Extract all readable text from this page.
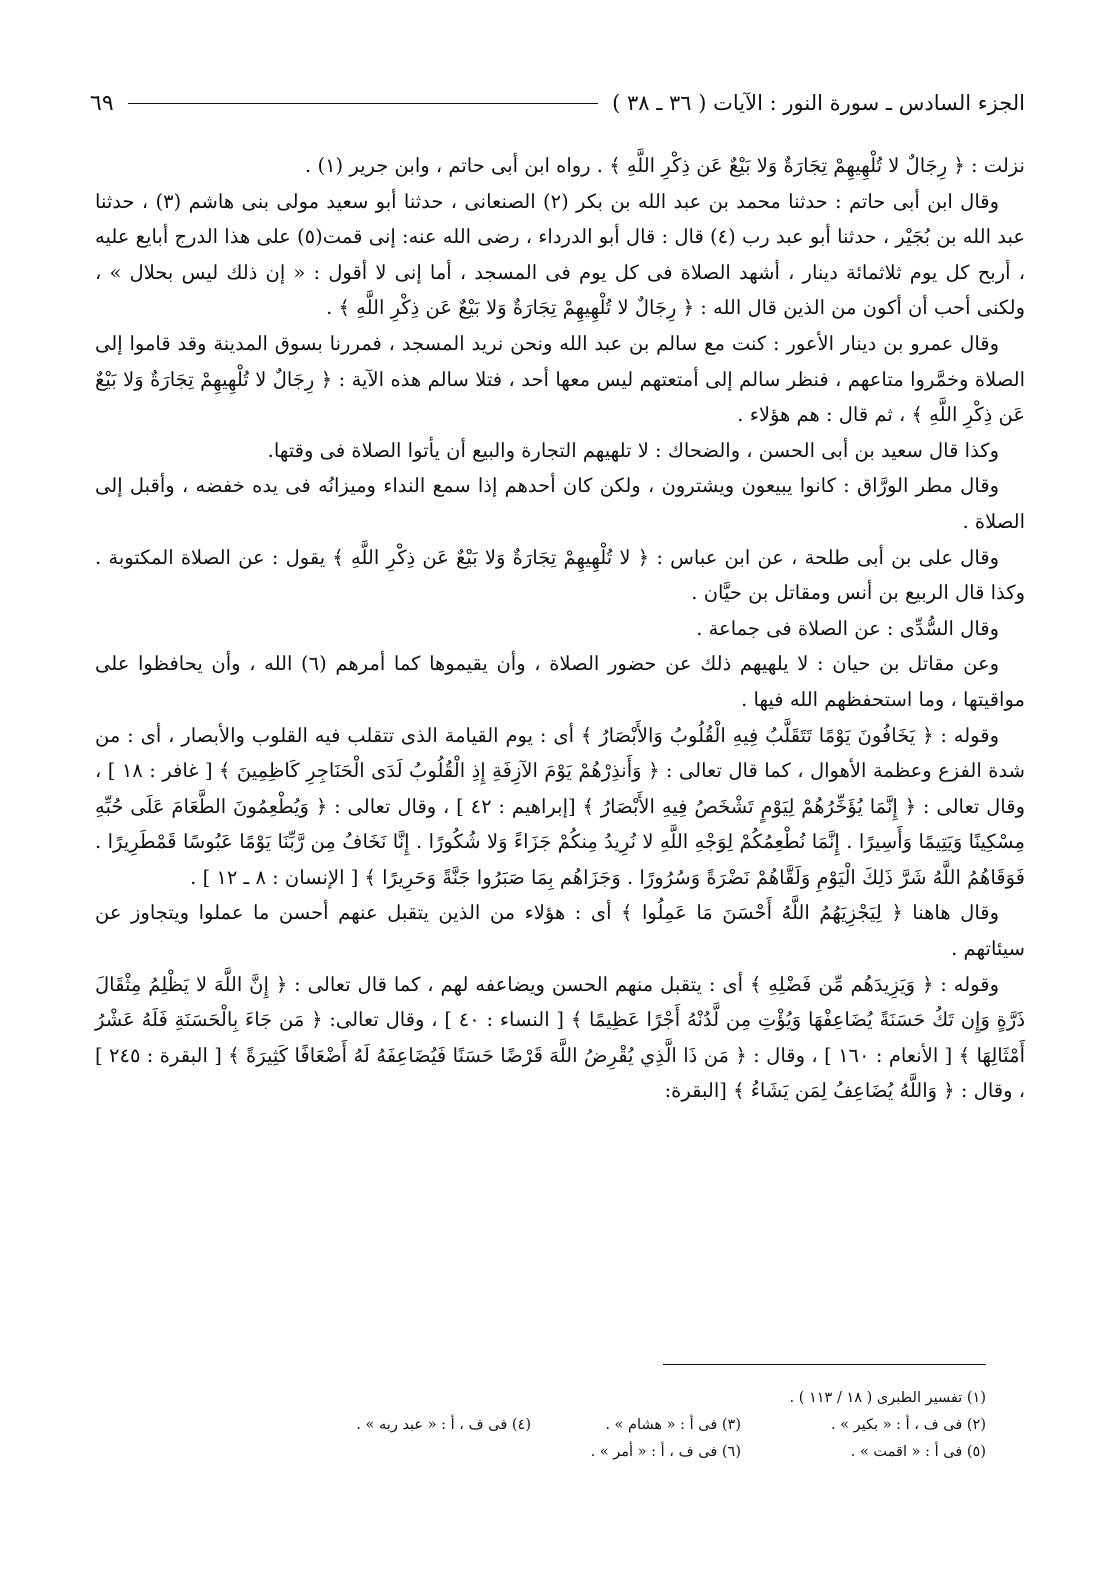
الجزء السادس ـ سورة النور : الآيات ( ٣٦ ـ ٣٨ )
٦٩

نزلت : ﴿ رِجَالٌ لا تُلْهِيهِمْ تِجَارَةٌ وَلا بَيْعٌ عَن ذِكْرِ اللَّهِ ﴾ . رواه ابن أبى حاتم ، وابن جرير (١) .

وقال ابن أبى حاتم : حدثنا محمد بن عبد الله بن بكر (٢) الصنعانى ، حدثنا أبو سعيد مولى بنى هاشم (٣) ، حدثنا عبد الله بن بُجَيْر ، حدثنا أبو عبد رب (٤) قال : قال أبو الدرداء ، رضى الله عنه: إنى قمت(٥) على هذا الدرج أبايع عليه ، أربح كل يوم ثلاثمائة دينار ، أشهد الصلاة فى كل يوم فى المسجد ، أما إنى لا أقول : « إن ذلك ليس بحلال » ، ولكنى أحب أن أكون من الذين قال الله : ﴿ رِجَالٌ لا تُلْهِيهِمْ تِجَارَةٌ وَلا بَيْعٌ عَن ذِكْرِ اللَّهِ ﴾ .

وقال عمرو بن دينار الأعور : كنت مع سالم بن عبد الله ونحن نريد المسجد ، فمررنا بسوق المدينة وقد قاموا إلى الصلاة وخمَّروا متاعهم ، فنظر سالم إلى أمتعتهم ليس معها أحد ، فتلا سالم هذه الآية : ﴿ رِجَالٌ لا تُلْهِيهِمْ تِجَارَةٌ وَلا بَيْعٌ عَن ذِكْرِ اللَّهِ ﴾ ، ثم قال : هم هؤلاء .

وكذا قال سعيد بن أبى الحسن ، والضحاك : لا تلهيهم التجارة والبيع أن يأتوا الصلاة فى وقتها.

وقال مطر الورَّاق : كانوا يبيعون ويشترون ، ولكن كان أحدهم إذا سمع النداء وميزانُه فى يده خفضه ، وأقبل إلى الصلاة .

وقال على بن أبى طلحة ، عن ابن عباس : ﴿ لا تُلْهِيهِمْ تِجَارَةٌ وَلا بَيْعٌ عَن ذِكْرِ اللَّهِ ﴾ يقول : عن الصلاة المكتوبة . وكذا قال الربيع بن أنس ومقاتل بن حيَّان .

وقال السُّدِّى : عن الصلاة فى جماعة .

وعن مقاتل بن حيان : لا يلهيهم ذلك عن حضور الصلاة ، وأن يقيموها كما أمرهم (٦) الله ، وأن يحافظوا على مواقيتها ، وما استحفظهم الله فيها .

وقوله : ﴿ يَخَافُونَ يَوْمًا تَتَقَلَّبُ فِيهِ الْقُلُوبُ وَالأَبْصَارُ ﴾ أى : يوم القيامة الذى تتقلب فيه القلوب والأبصار ، أى : من شدة الفزع وعظمة الأهوال ، كما قال تعالى : ﴿ وَأَنذِرْهُمْ يَوْمَ الآزِفَةِ إِذِ الْقُلُوبُ لَدَى الْحَنَاجِرِ كَاظِمِينَ ﴾ [ غافر : ١٨ ] ، وقال تعالى : ﴿ إِنَّمَا يُؤَخِّرُهُمْ لِيَوْمٍ تَشْخَصُ فِيهِ الأَبْصَارُ ﴾ [إبراهيم : ٤٢ ] ، وقال تعالى : ﴿ وَيُطْعِمُونَ الطَّعَامَ عَلَى حُبِّهِ مِسْكِينًا وَيَتِيمًا وَأَسِيرًا . إِنَّمَا نُطْعِمُكُمْ لِوَجْهِ اللَّهِ لا نُرِيدُ مِنكُمْ جَزَاءً وَلا شُكُورًا . إِنَّا نَخَافُ مِن رَّبِّنَا يَوْمًا عَبُوسًا قَمْطَرِيرًا . فَوَقَاهُمُ اللَّهُ شَرَّ ذَلِكَ الْيَوْمِ وَلَقَّاهُمْ نَضْرَةً وَسُرُورًا . وَجَزَاهُم بِمَا صَبَرُوا جَنَّةً وَحَرِيرًا ﴾ [ الإنسان : ٨ ـ ١٢ ] .

وقال هاهنا ﴿ لِيَجْزِيَهُمُ اللَّهُ أَحْسَنَ مَا عَمِلُوا ﴾ أى : هؤلاء من الذين يتقبل عنهم أحسن ما عملوا ويتجاوز عن سيئاتهم .

وقوله : ﴿ وَيَزِيدَهُم مِّن فَضْلِهِ ﴾ أى : يتقبل منهم الحسن ويضاعفه لهم ، كما قال تعالى : ﴿ إِنَّ اللَّهَ لا يَظْلِمُ مِثْقَالَ ذَرَّةٍ وَإِن تَكُ حَسَنَةً يُضَاعِفْهَا وَيُؤْتِ مِن لَّدُنْهُ أَجْرًا عَظِيمًا ﴾ [ النساء : ٤٠ ] ، وقال تعالى: ﴿ مَن جَاءَ بِالْحَسَنَةِ فَلَهُ عَشْرُ أَمْثَالِهَا ﴾ [ الأنعام : ١٦٠ ] ، وقال : ﴿ مَن ذَا الَّذِي يُقْرِضُ اللَّهَ قَرْضًا حَسَنًا فَيُضَاعِفَهُ لَهُ أَضْعَافًا كَثِيرَةً ﴾ [ البقرة : ٢٤٥ ] ، وقال : ﴿ وَاللَّهُ يُضَاعِفُ لِمَن يَشَاءُ ﴾ [البقرة:

(١) تفسير الطبرى ( ١٨ / ١١٣ ) .
(٢) فى ف ، أ : « بكير » .
(٣) فى أ : « هشام » .
(٤) فى ف ، أ : « عبد ربه » .
(٥) فى أ : « اقمت » .
(٦) فى ف ، أ : « أمر » .
